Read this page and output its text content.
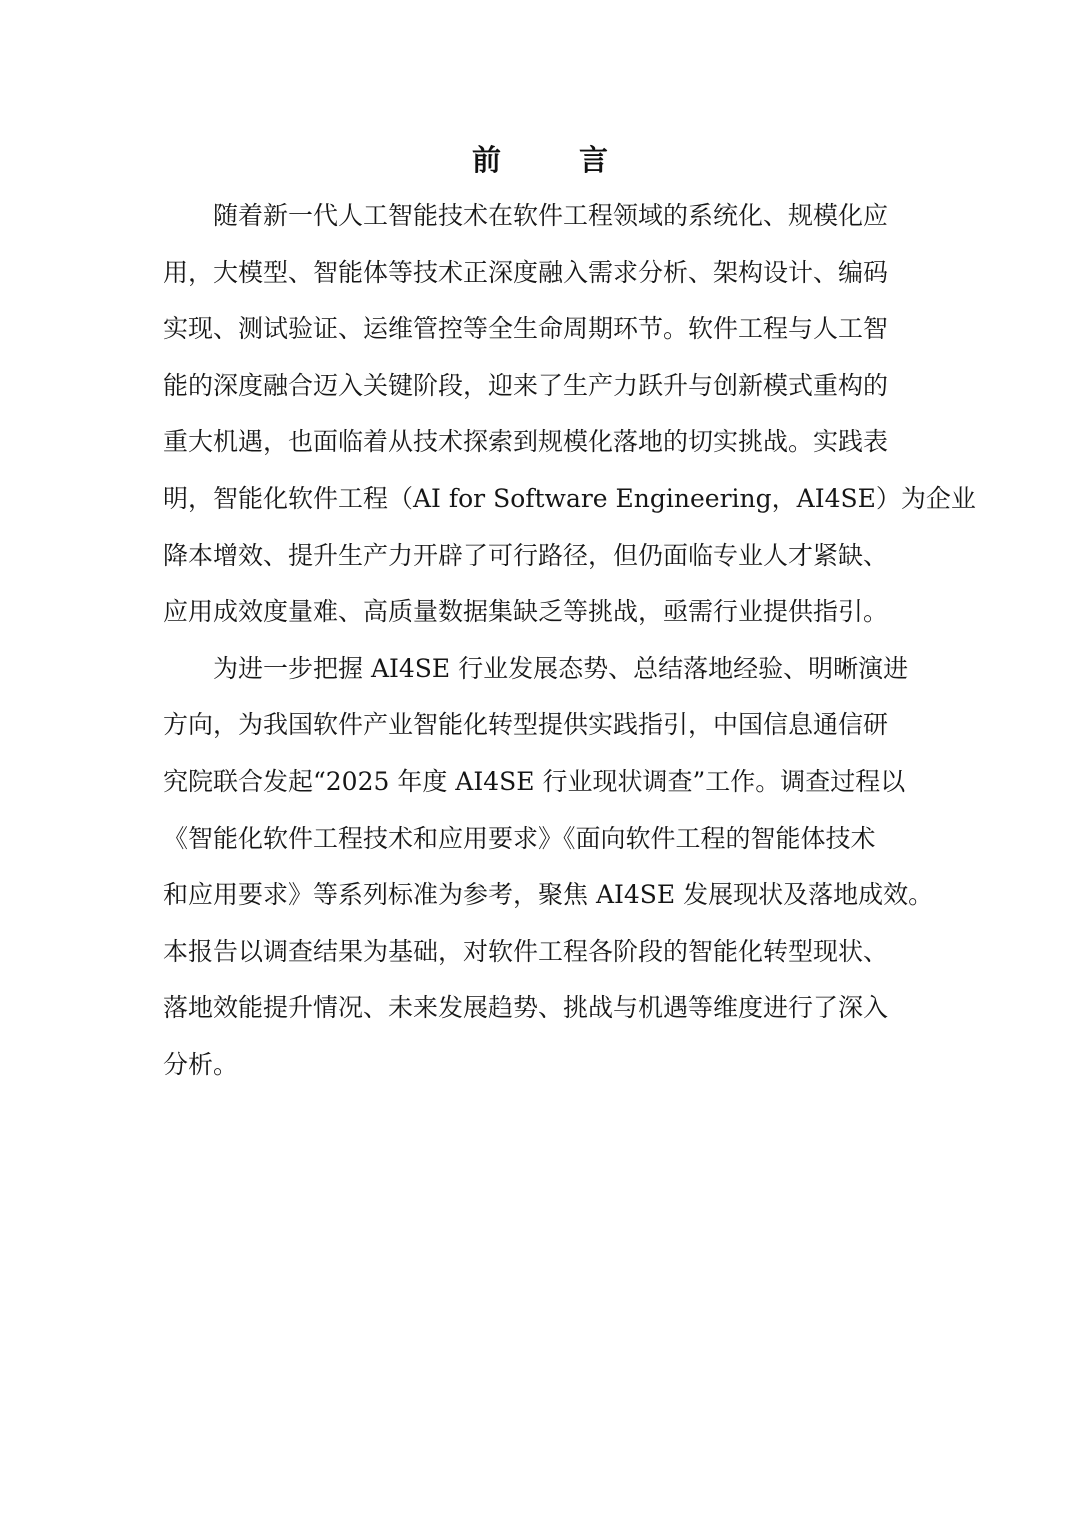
前 言

随着新一代人工智能技术在软件工程领域的系统化、规模化应
用，大模型、智能体等技术正深度融入需求分析、架构设计、编码
实现、测试验证、运维管控等全生命周期环节。软件工程与人工智
能的深度融合迈入关键阶段，迎来了生产力跃升与创新模式重构的
重大机遇，也面临着从技术探索到规模化落地的切实挑战。实践表
明，智能化软件工程（AI for Software Engineering，AI4SE）为企业
降本增效、提升生产力开辟了可行路径，但仍面临专业人才紧缺、
应用成效度量难、高质量数据集缺乏等挑战，亟需行业提供指引。

为进一步把握 AI4SE 行业发展态势、总结落地经验、明晰演进
方向，为我国软件产业智能化转型提供实践指引，中国信息通信研
究院联合发起“2025 年度 AI4SE 行业现状调查”工作。调查过程以
《智能化软件工程技术和应用要求》《面向软件工程的智能体技术
和应用要求》等系列标准为参考，聚焦 AI4SE 发展现状及落地成效。
本报告以调查结果为基础，对软件工程各阶段的智能化转型现状、
落地效能提升情况、未来发展趋势、挑战与机遇等维度进行了深入
分析。
